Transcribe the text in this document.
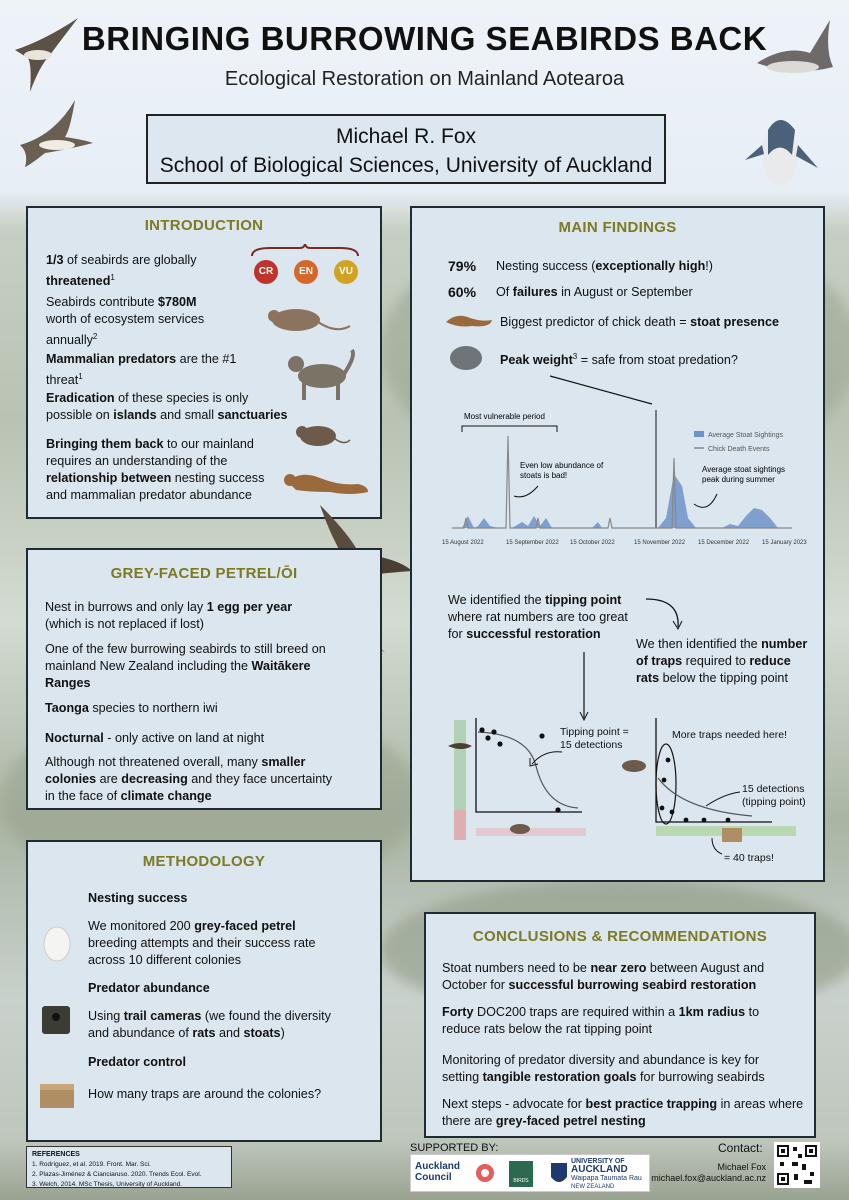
BRINGING BURROWING SEABIRDS BACK
Ecological Restoration on Mainland Aotearoa
Michael R. Fox
School of Biological Sciences, University of Auckland
INTRODUCTION
CR	EN	VU
1/3 of seabirds are globally
threatened$^1$
Seabirds contribute $780M
worth of ecosystem services
annually$^2$
Mammalian predators are the #1
threat$^1$
Eradication of these species is only
possible on islands and small sanctuaries
Bringing them back to our mainland
requires an understanding of the
relationship between nesting success
and mammalian predator abundance
GREY-FACED PETREL/ŌI
Nest in burrows and only lay 1 egg per year
(which is not replaced if lost)
One of the few burrowing seabirds to still breed on
mainland New Zealand including the Waitākere
Ranges
Taonga species to northern iwi
Nocturnal - only active on land at night
Although not threatened overall, many smaller
colonies are decreasing and they face uncertainty
in the face of climate change
METHODOLOGY
Nesting success
We monitored 200 grey-faced petrel
breeding attempts and their success rate
across 10 different colonies
Predator abundance
Using trail cameras (we found the diversity
and abundance of rats and stoats)
Predator control
How many traps are around the colonies?
MAIN FINDINGS
79% Nesting success (exceptionally high!)
60% Of failures in August or September
Biggest predictor of chick death = stoat presence
Peak weight$^3$ = safe from stoat predation?
Most vulnerable period
Average Stoat Sightings
Chick Death Events
Even low abundance of
stoats is bad!
Average stoat sightings
peak during summer
15 August 2022	15 September 2022 15 October 2022	15 November 2022 15 December 2022 15 January 2023
We identified the tipping point
where rat numbers are too great
for successful restoration
We then identified the number
of traps required to reduce
rats below the tipping point
Tipping point =
15 detections
More traps needed here!
15 detections
(tipping point)
= 40 traps!
CONCLUSIONS & RECOMMENDATIONS
Stoat numbers need to be near zero between August and
October for successful burrowing seabird restoration
Forty DOC200 traps are required within a 1km radius to
reduce rats below the rat tipping point
Monitoring of predator diversity and abundance is key for
setting tangible restoration goals for burrowing seabirds
Next steps - advocate for best practice trapping in areas where
there are grey-faced petrel nesting
REFERENCES
1. Rodríguez, et al. 2019. Front. Mar. Sci.
2. Plazas-Jiménez & Cianciaruso. 2020. Trends Ecol. Evol.
3. Welch, 2014. MSc Thesis, University of Auckland.
SUPPORTED BY:
Auckland
Council	BIRDS
UNIVERSITY OF
AUCKLAND
Waipapa Taumata Rau
NEW ZEALAND
Contact:
Michael Fox
michael.fox@auckland.ac.nz
